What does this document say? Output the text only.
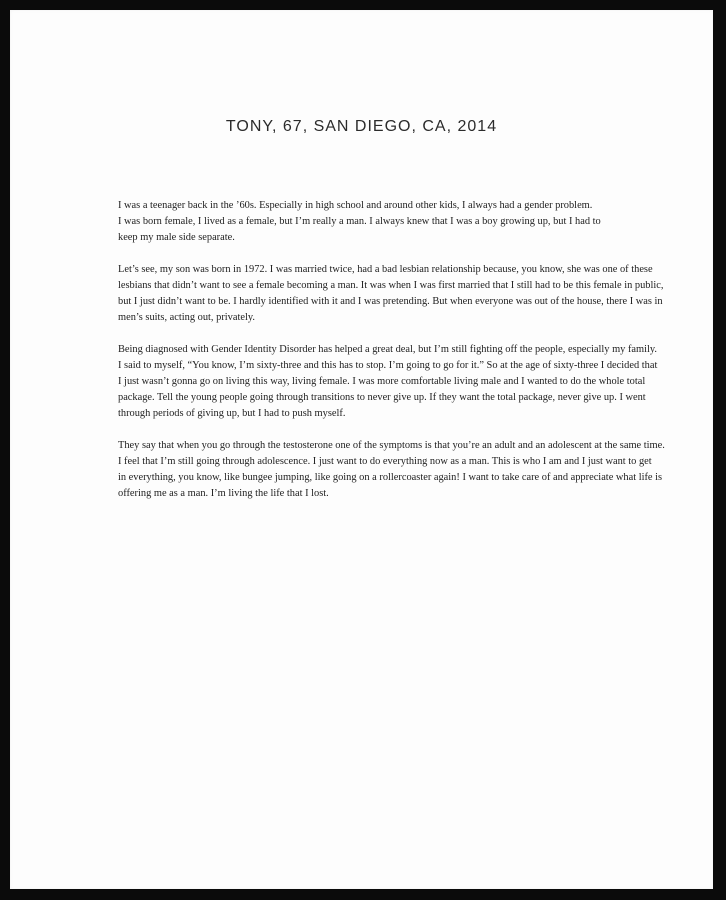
TONY, 67, SAN DIEGO, CA, 2014

I was a teenager back in the ’60s. Especially in high school and around other kids, I always had a gender problem.
I was born female, I lived as a female, but I’m really a man. I always knew that I was a boy growing up, but I had to
keep my male side separate.

Let’s see, my son was born in 1972. I was married twice, had a bad lesbian relationship because, you know, she was one of these
lesbians that didn’t want to see a female becoming a man. It was when I was first married that I still had to be this female in public,
but I just didn’t want to be. I hardly identified with it and I was pretending. But when everyone was out of the house, there I was in
men’s suits, acting out, privately.

Being diagnosed with Gender Identity Disorder has helped a great deal, but I’m still fighting off the people, especially my family.
I said to myself, “You know, I’m sixty-three and this has to stop. I’m going to go for it.” So at the age of sixty-three I decided that
I just wasn’t gonna go on living this way, living female. I was more comfortable living male and I wanted to do the whole total
package. Tell the young people going through transitions to never give up. If they want the total package, never give up. I went
through periods of giving up, but I had to push myself.

They say that when you go through the testosterone one of the symptoms is that you’re an adult and an adolescent at the same time.
I feel that I’m still going through adolescence. I just want to do everything now as a man. This is who I am and I just want to get
in everything, you know, like bungee jumping, like going on a rollercoaster again! I want to take care of and appreciate what life is
offering me as a man. I’m living the life that I lost.
